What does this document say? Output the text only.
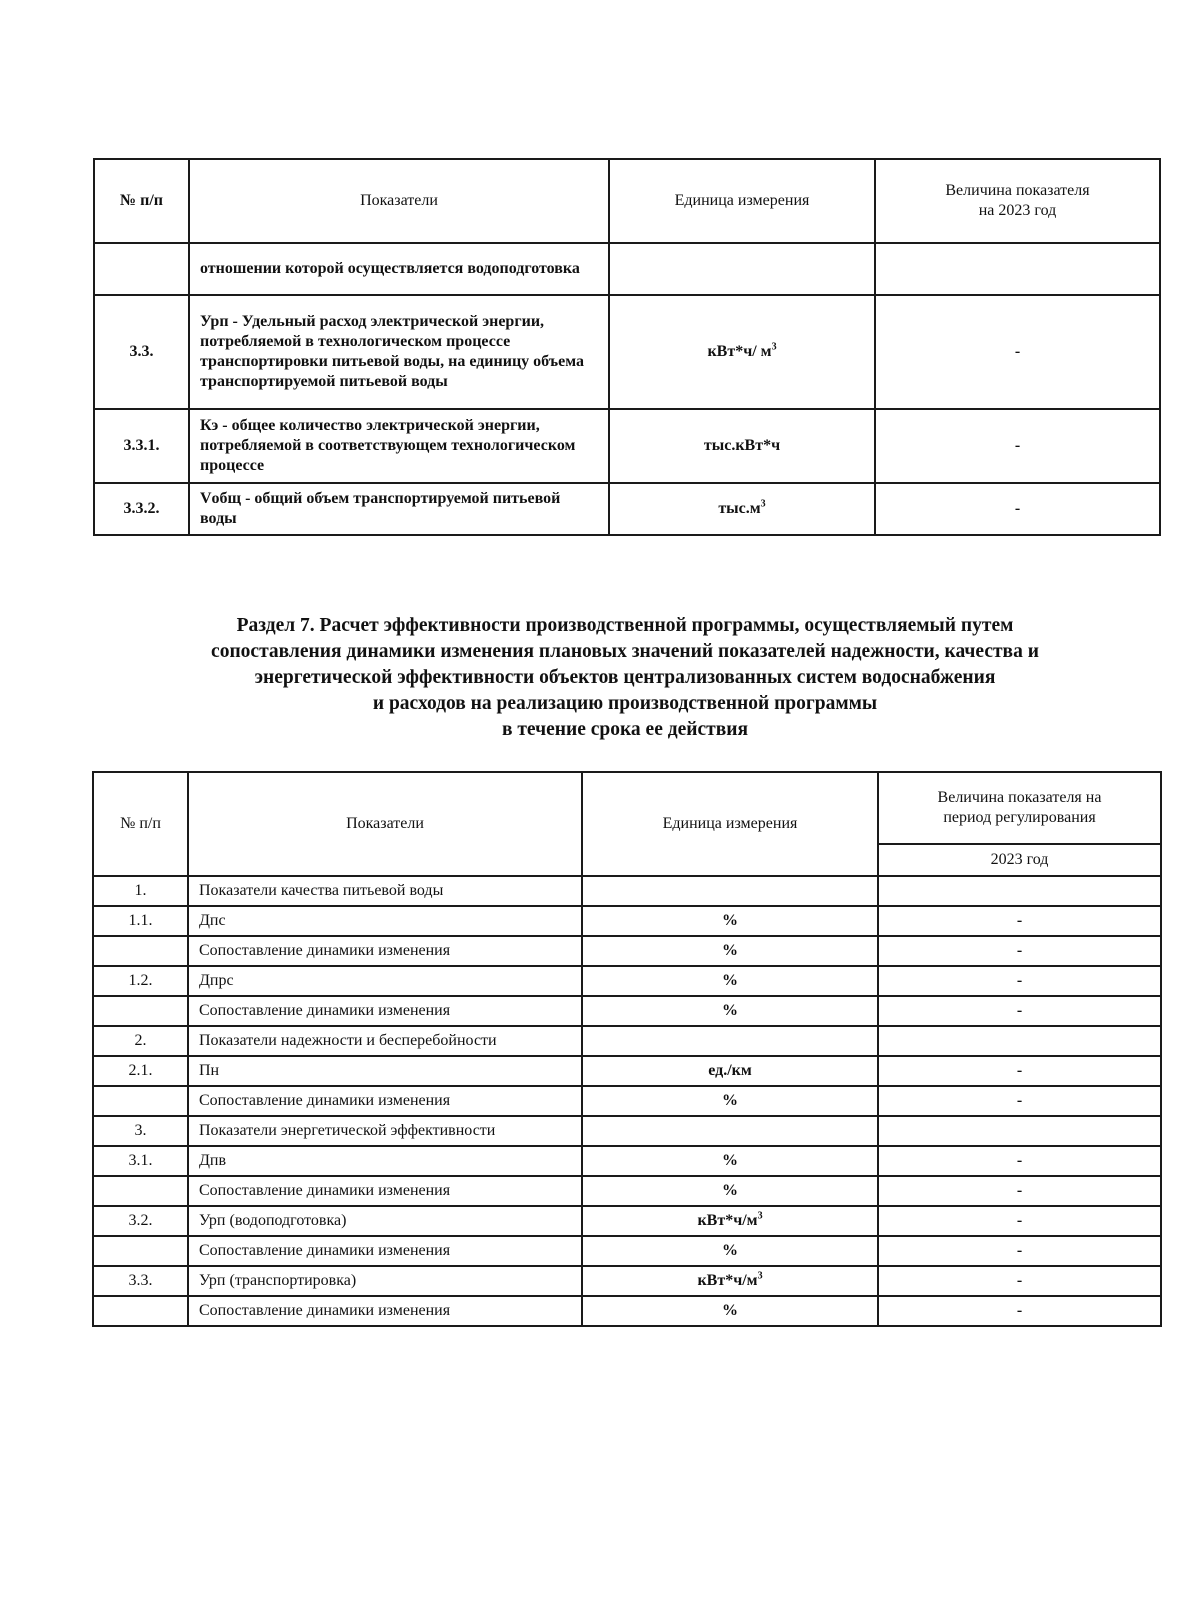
№ п/п	Показатели	Единица измерения	Величина показателя
на 2023 год
	отношении которой осуществляется водоподготовка		
3.3.	Урп - Удельный расход электрической энергии, потребляемой в технологическом процессе транспортировки питьевой воды, на единицу объема транспортируемой питьевой воды	кВт*ч/ $м^3$	-
3.3.1.	Кэ - общее количество электрической энергии, потребляемой в соответствующем технологическом процессе	тыс.кВт*ч	-
3.3.2.	Vобщ - общий объем транспортируемой питьевой воды	$тыс.м^3$	-
Раздел 7. Расчет эффективности производственной программы, осуществляемый путем
сопоставления динамики изменения плановых значений показателей надежности, качества и
энергетической эффективности объектов централизованных систем водоснабжения
и расходов на реализацию производственной программы
в течение срока ее действия
№ п/п	Показатели	Единица измерения	Величина показателя на
период регулирования
			2023 год
1.	Показатели качества питьевой воды		
1.1.	Дпс	%	-
	Сопоставление динамики изменения	%	-
1.2.	Дпрс	%	-
	Сопоставление динамики изменения	%	-
2.	Показатели надежности и бесперебойности		
2.1.	Пн	ед./км	-
	Сопоставление динамики изменения	%	-
3.	Показатели энергетической эффективности		
3.1.	Дпв	%	-
	Сопоставление динамики изменения	%	-
3.2.	Урп (водоподготовка)	$кВт*ч/м^3$	-
	Сопоставление динамики изменения	%	-
3.3.	Урп (транспортировка)	$кВт*ч/м^3$	-
	Сопоставление динамики изменения	%	-
